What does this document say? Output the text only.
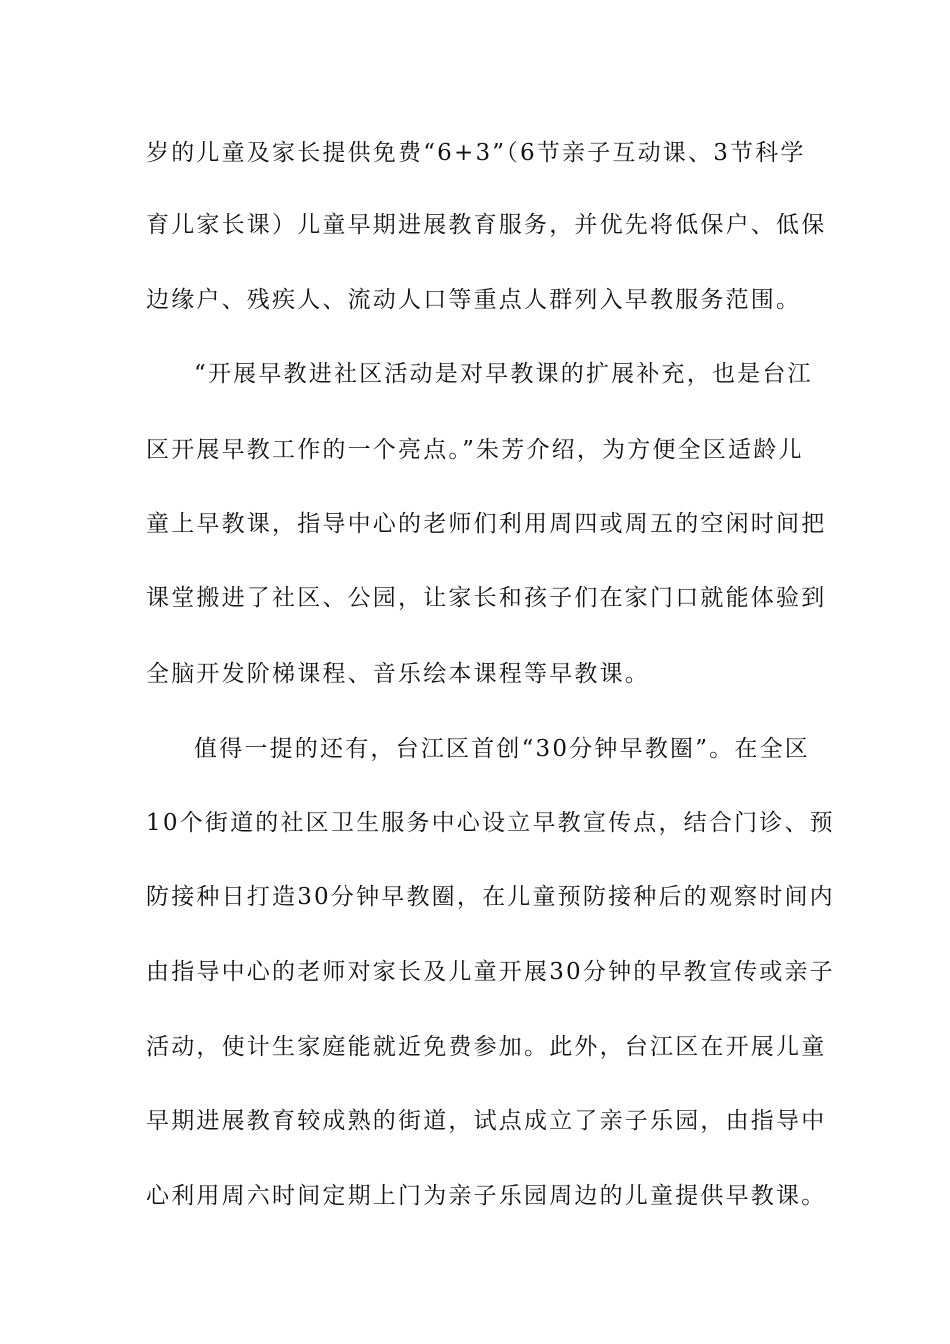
岁的儿童及家长提供免费“6+3”（6节亲子互动课、3节科学
育儿家长课）儿童早期进展教育服务，并优先将低保户、低保
边缘户、残疾人、流动人口等重点人群列入早教服务范围。
“开展早教进社区活动是对早教课的扩展补充，也是台江
区开展早教工作的一个亮点。”朱芳介绍，为方便全区适龄儿
童上早教课，指导中心的老师们利用周四或周五的空闲时间把
课堂搬进了社区、公园，让家长和孩子们在家门口就能体验到
全脑开发阶梯课程、音乐绘本课程等早教课。
值得一提的还有，台江区首创“30分钟早教圈”。在全区
10个街道的社区卫生服务中心设立早教宣传点，结合门诊、预
防接种日打造30分钟早教圈，在儿童预防接种后的观察时间内
由指导中心的老师对家长及儿童开展30分钟的早教宣传或亲子
活动，使计生家庭能就近免费参加。此外，台江区在开展儿童
早期进展教育较成熟的街道，试点成立了亲子乐园，由指导中
心利用周六时间定期上门为亲子乐园周边的儿童提供早教课。
